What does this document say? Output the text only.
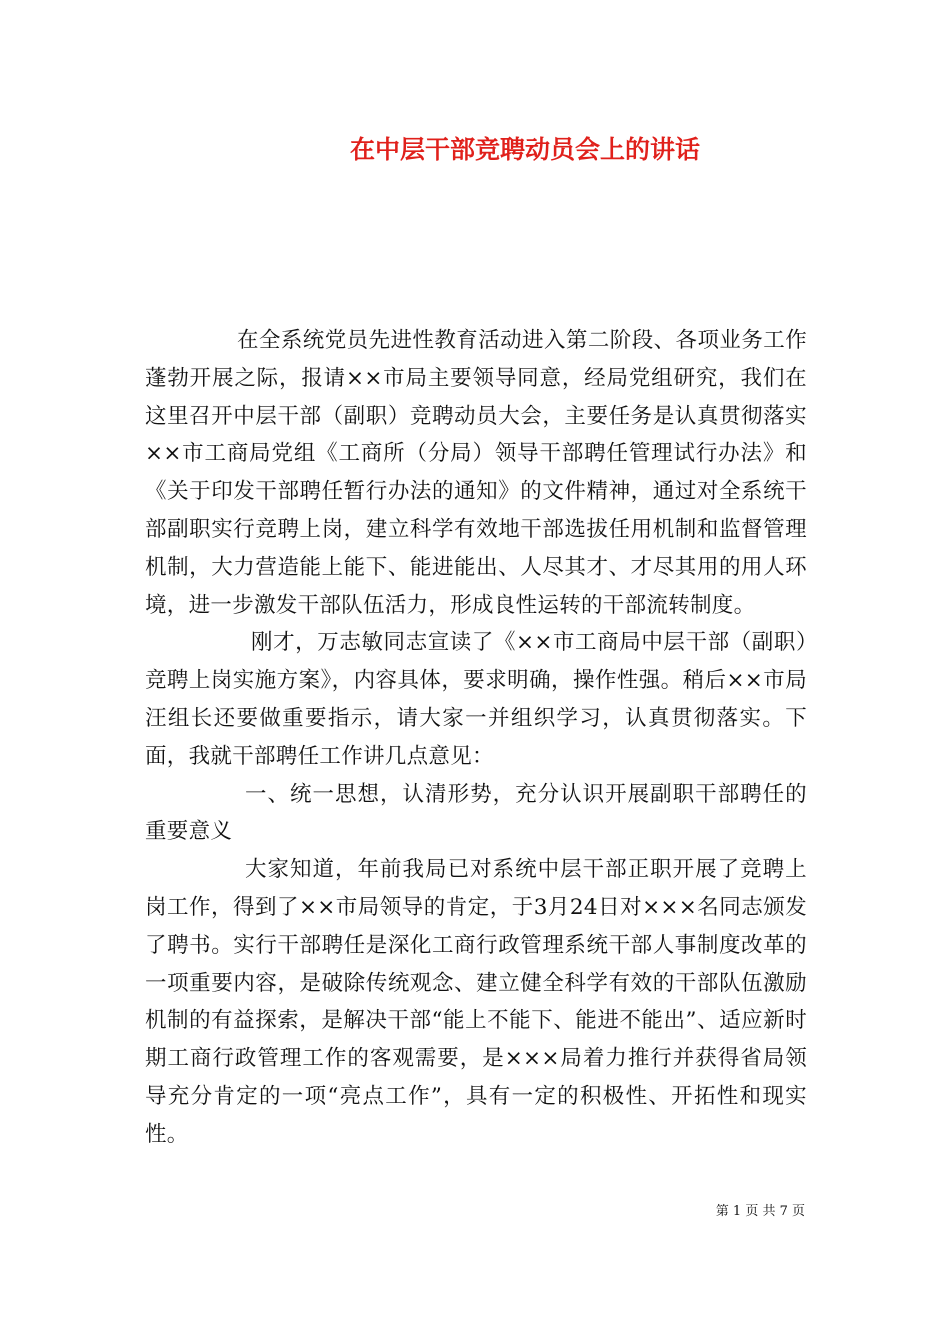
在中层干部竞聘动员会上的讲话

在全系统党员先进性教育活动进入第二阶段、各项业务工作蓬勃开展之际，报请××市局主要领导同意，经局党组研究，我们在这里召开中层干部（副职）竞聘动员大会，主要任务是认真贯彻落实××市工商局党组《工商所（分局）领导干部聘任管理试行办法》和《关于印发干部聘任暂行办法的通知》的文件精神，通过对全系统干部副职实行竞聘上岗，建立科学有效地干部选拔任用机制和监督管理机制，大力营造能上能下、能进能出、人尽其才、才尽其用的用人环境，进一步激发干部队伍活力，形成良性运转的干部流转制度。

刚才，万志敏同志宣读了《××市工商局中层干部（副职）竞聘上岗实施方案》，内容具体，要求明确，操作性强。稍后××市局汪组长还要做重要指示，请大家一并组织学习，认真贯彻落实。下面，我就干部聘任工作讲几点意见：

一、统一思想，认清形势，充分认识开展副职干部聘任的重要意义

大家知道，年前我局已对系统中层干部正职开展了竞聘上岗工作，得到了××市局领导的肯定，于3月24日对×××名同志颁发了聘书。实行干部聘任是深化工商行政管理系统干部人事制度改革的一项重要内容，是破除传统观念、建立健全科学有效的干部队伍激励机制的有益探索，是解决干部“能上不能下、能进不能出”、适应新时期工商行政管理工作的客观需要，是×××局着力推行并获得省局领导充分肯定的一项“亮点工作”，具有一定的积极性、开拓性和现实性。

第 1 页 共 7 页
